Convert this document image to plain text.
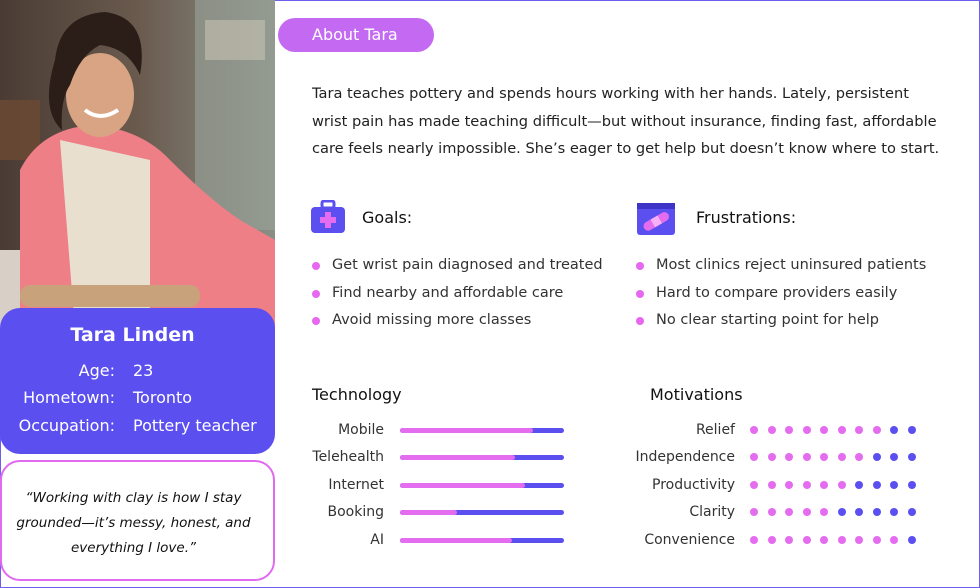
Tara Linden
Age: 23
Hometown: Toronto
Occupation: Pottery teacher
“Working with clay is how I stay grounded—it’s messy, honest, and everything I love.”
About Tara
Tara teaches pottery and spends hours working with her hands. Lately, persistent wrist pain has made teaching difficult—but without insurance, finding fast, affordable care feels nearly impossible. She’s eager to get help but doesn’t know where to start.
Goals:
Get wrist pain diagnosed and treated
Find nearby and affordable care
Avoid missing more classes
Frustrations:
Most clinics reject uninsured patients
Hard to compare providers easily
No clear starting point for help
Technology
Mobile
Telehealth
Internet
Booking
AI
Motivations
Relief
Independence
Productivity
Clarity
Convenience
